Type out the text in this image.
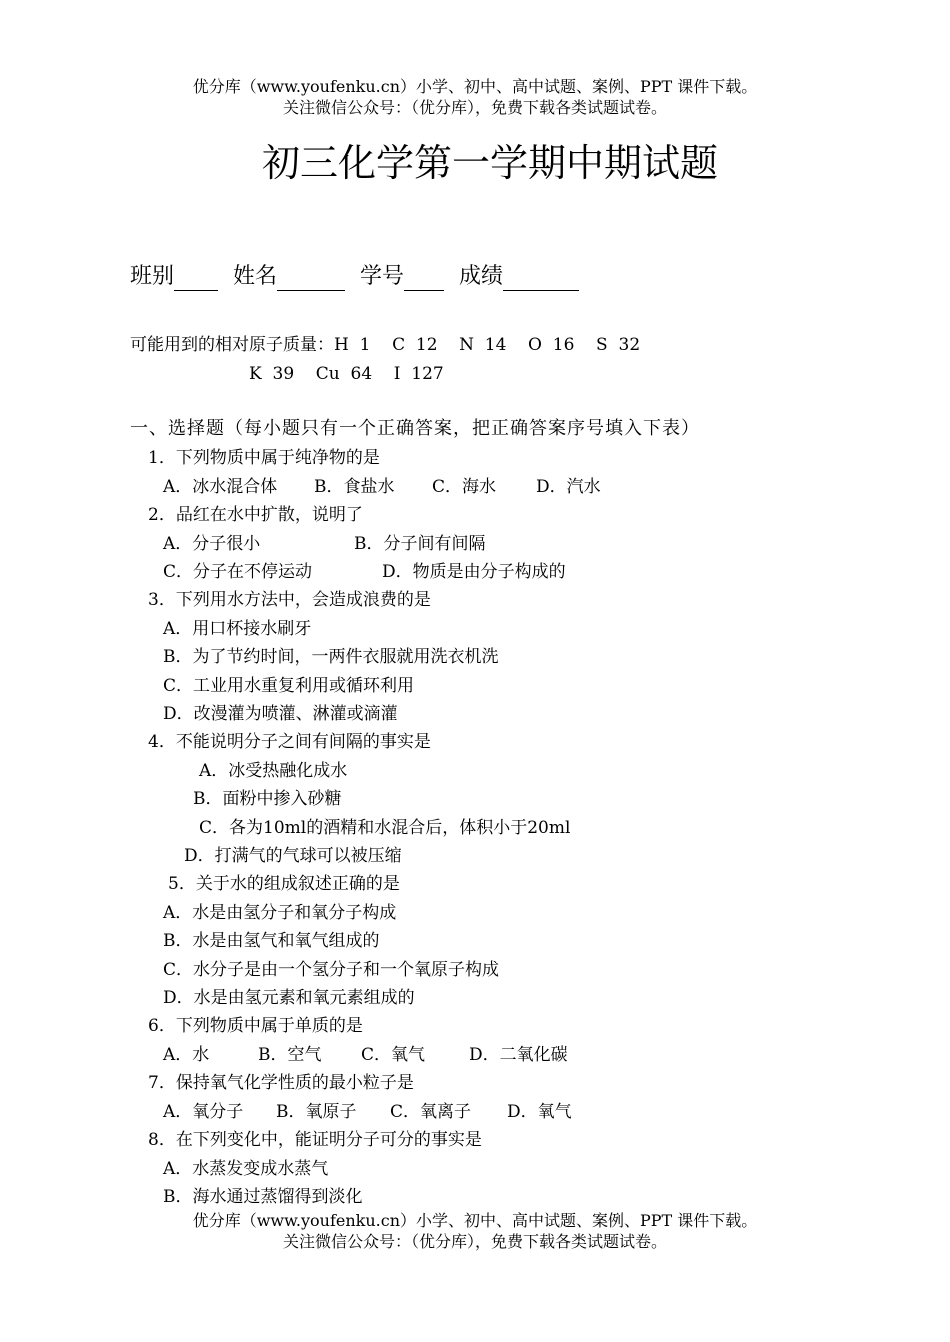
优分库（www.youfenku.cn）小学、初中、高中试题、案例、PPT 课件下载。
关注微信公众号：（优分库），免费下载各类试题试卷。
初三化学第一学期中期试题
班别	姓名	学号	成绩
可能用到的相对原子质量：H  1    C  12    N  14    O  16    S  32
K  39    Cu  64    I  127
一、选择题（每小题只有一个正确答案，把正确答案序号填入下表）
1．下列物质中属于纯净物的是
A．冰水混合体 B．食盐水 C．海水 D．汽水
2．品红在水中扩散，说明了
A．分子很小	B．分子间有间隔
C．分子在不停运动	D．物质是由分子构成的
3．下列用水方法中，会造成浪费的是
A．用口杯接水刷牙
B．为了节约时间，一两件衣服就用洗衣机洗
C．工业用水重复利用或循环利用
D．改漫灌为喷灌、淋灌或滴灌
4．不能说明分子之间有间隔的事实是
A．冰受热融化成水
B．面粉中掺入砂糖
C．各为10ml的酒精和水混合后，体积小于20ml
D．打满气的气球可以被压缩
5．关于水的组成叙述正确的是
A．水是由氢分子和氧分子构成
B．水是由氢气和氧气组成的
C．水分子是由一个氢分子和一个氧原子构成
D．水是由氢元素和氧元素组成的
6．下列物质中属于单质的是
A．水	B．空气 C．氧气	D．二氧化碳
7．保持氧气化学性质的最小粒子是
A．氧分子 B．氧原子 C．氧离子 D．氧气
8．在下列变化中，能证明分子可分的事实是
A．水蒸发变成水蒸气
B．海水通过蒸馏得到淡化
优分库（www.youfenku.cn）小学、初中、高中试题、案例、PPT 课件下载。
关注微信公众号：（优分库），免费下载各类试题试卷。
